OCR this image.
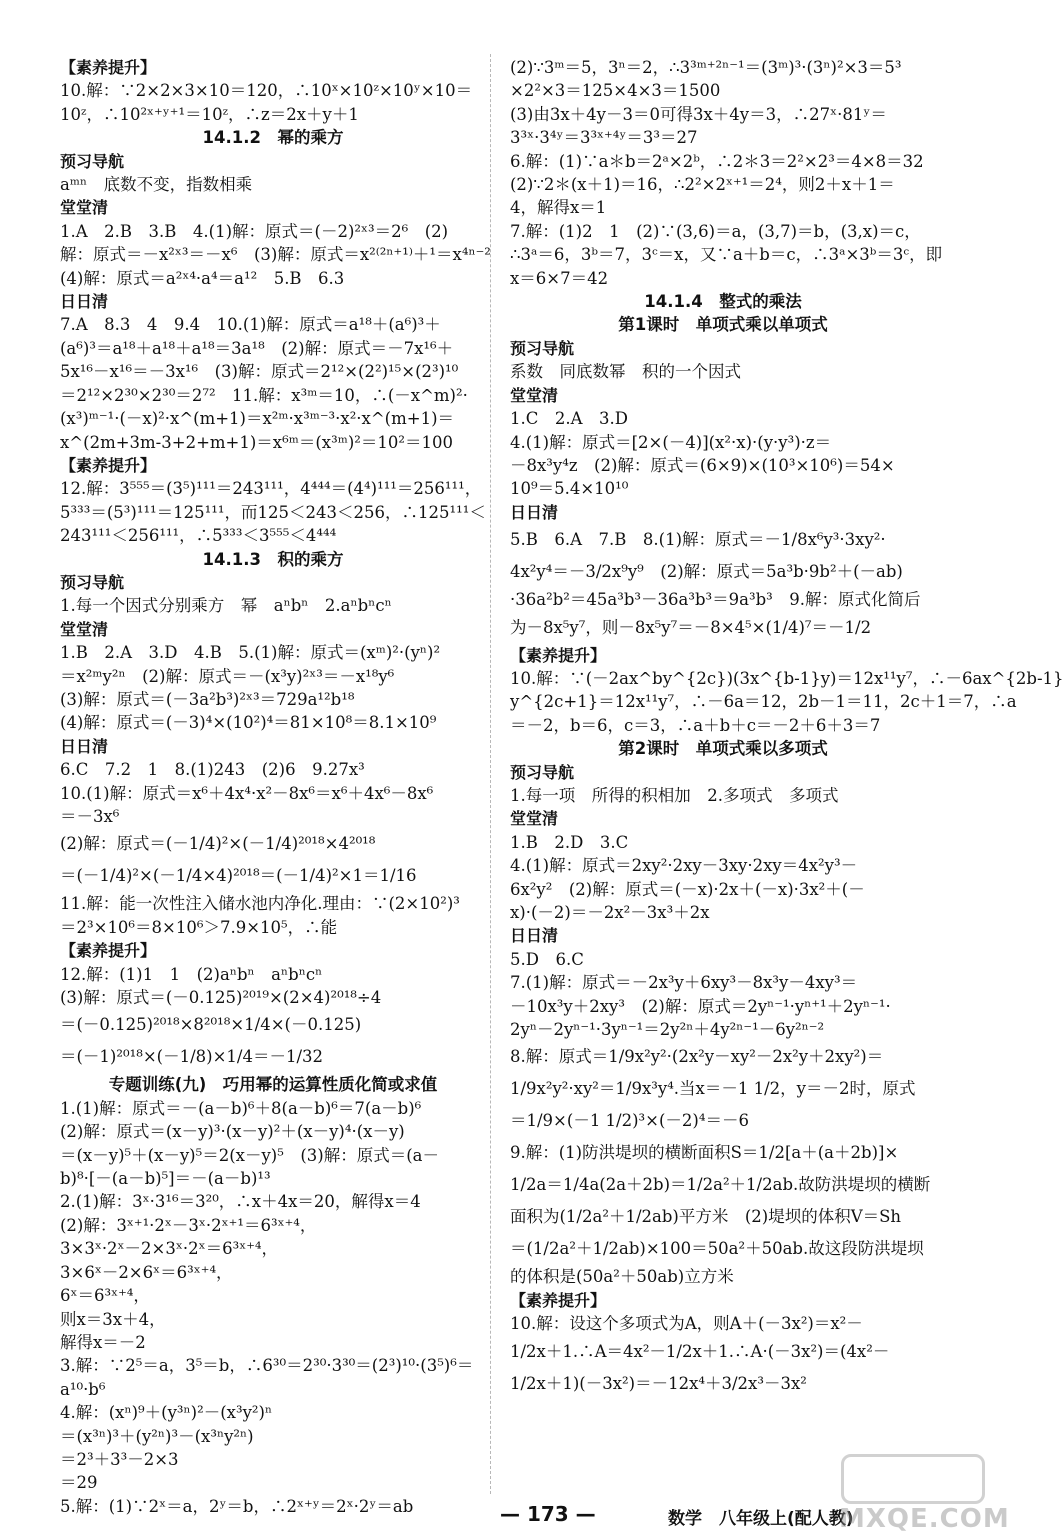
【素养提升】
10.解：∵2×2×3×10＝120，∴10ˣ×10ᶻ×10ʸ×10＝
10ᶻ，∴10²ˣ⁺ʸ⁺¹＝10ᶻ，∴z＝2x＋y＋1
14.1.2　幂的乘方
预习导航
aᵐⁿ　底数不变，指数相乘
堂堂清
1.A　2.B　3.B　4.(1)解：原式＝(－2)²ˣ³＝2⁶　(2)
解：原式＝－x²ˣ³＝－x⁶　(3)解：原式＝x²⁽²ⁿ⁺¹⁾＋¹＝x⁴ⁿ⁻²
(4)解：原式＝a²ˣ⁴·a⁴＝a¹²　5.B　6.3
日日清
7.A　8.3　4　9.4　10.(1)解：原式＝a¹⁸＋(a⁶)³＋
(a⁶)³＝a¹⁸＋a¹⁸＋a¹⁸＝3a¹⁸　(2)解：原式＝－7x¹⁶＋
5x¹⁶－x¹⁶＝－3x¹⁶　(3)解：原式＝2¹²×(2²)¹⁵×(2³)¹⁰
＝2¹²×2³⁰×2³⁰＝2⁷²　11.解：x³ᵐ＝10，∴(－x^m)²·
(x³)ᵐ⁻¹·(－x)²·x^(m+1)＝x²ᵐ·x³ᵐ⁻³·x²·x^(m+1)＝
x^(2m+3m-3+2+m+1)＝x⁶ᵐ＝(x³ᵐ)²＝10²＝100
【素养提升】
12.解：3⁵⁵⁵＝(3⁵)¹¹¹＝243¹¹¹，4⁴⁴⁴＝(4⁴)¹¹¹＝256¹¹¹，
5³³³＝(5³)¹¹¹＝125¹¹¹，而125＜243＜256，∴125¹¹¹＜
243¹¹¹＜256¹¹¹，∴5³³³＜3⁵⁵⁵＜4⁴⁴⁴
14.1.3　积的乘方
预习导航
1.每一个因式分别乘方　幂　aⁿbⁿ　2.aⁿbⁿcⁿ
堂堂清
1.B　2.A　3.D　4.B　5.(1)解：原式＝(xᵐ)²·(yⁿ)²
＝x²ᵐy²ⁿ　(2)解：原式＝－(x³y)²ˣ³＝－x¹⁸y⁶
(3)解：原式＝(－3a²b³)²ˣ³＝729a¹²b¹⁸
(4)解：原式＝(－3)⁴×(10²)⁴＝81×10⁸＝8.1×10⁹
日日清
6.C　7.2　1　8.(1)243　(2)6　9.27x³
10.(1)解：原式＝x⁶＋4x⁴·x²－8x⁶＝x⁶＋4x⁶－8x⁶
＝－3x⁶
(2)解：原式＝(－1/4)²×(－1/4)²⁰¹⁸×4²⁰¹⁸
＝(－1/4)²×(－1/4×4)²⁰¹⁸＝(－1/4)²×1＝1/16
11.解：能一次性注入储水池内净化.理由：∵(2×10²)³
＝2³×10⁶＝8×10⁶＞7.9×10⁵，∴能
【素养提升】
12.解：(1)1　1　(2)aⁿbⁿ　aⁿbⁿcⁿ
(3)解：原式＝(－0.125)²⁰¹⁹×(2×4)²⁰¹⁸÷4
＝(－0.125)²⁰¹⁸×8²⁰¹⁸×1/4×(－0.125)
＝(－1)²⁰¹⁸×(－1/8)×1/4＝－1/32
专题训练(九)　巧用幂的运算性质化简或求值
1.(1)解：原式＝－(a－b)⁶＋8(a－b)⁶＝7(a－b)⁶
(2)解：原式＝(x－y)³·(x－y)²＋(x－y)⁴·(x－y)
＝(x－y)⁵＋(x－y)⁵＝2(x－y)⁵　(3)解：原式＝(a－
b)⁸·[－(a－b)⁵]＝－(a－b)¹³
2.(1)解：3ˣ·3¹⁶＝3²⁰，∴x＋4x＝20，解得x＝4
(2)解：3ˣ⁺¹·2ˣ－3ˣ·2ˣ⁺¹＝6³ˣ⁺⁴，
3×3ˣ·2ˣ－2×3ˣ·2ˣ＝6³ˣ⁺⁴，
3×6ˣ－2×6ˣ＝6³ˣ⁺⁴，
6ˣ＝6³ˣ⁺⁴，
则x＝3x＋4，
解得x＝－2
3.解：∵2⁵＝a，3⁵＝b，∴6³⁰＝2³⁰·3³⁰＝(2³)¹⁰·(3⁵)⁶＝
a¹⁰·b⁶
4.解：(xⁿ)⁹＋(y³ⁿ)²－(x³y²)ⁿ
＝(x³ⁿ)³＋(y²ⁿ)³－(x³ⁿy²ⁿ)
＝2³＋3³－2×3
＝29
5.解：(1)∵2ˣ＝a，2ʸ＝b，∴2ˣ⁺ʸ＝2ˣ·2ʸ＝ab
(2)∵3ᵐ＝5，3ⁿ＝2，∴3³ᵐ⁺²ⁿ⁻¹＝(3ᵐ)³·(3ⁿ)²×3＝5³
×2²×3＝125×4×3＝1500
(3)由3x＋4y－3＝0可得3x＋4y＝3，∴27ˣ·81ʸ＝
3³ˣ·3⁴ʸ＝3³ˣ⁺⁴ʸ＝3³＝27
6.解：(1)∵a＊b＝2ᵃ×2ᵇ，∴2＊3＝2²×2³＝4×8＝32
(2)∵2＊(x＋1)＝16，∴2²×2ˣ⁺¹＝2⁴，则2＋x＋1＝
4，解得x＝1
7.解：(1)2　1　(2)∵(3,6)＝a，(3,7)＝b，(3,x)＝c，
∴3ᵃ＝6，3ᵇ＝7，3ᶜ＝x，又∵a＋b＝c，∴3ᵃ×3ᵇ＝3ᶜ，即
x＝6×7＝42
14.1.4　整式的乘法
第1课时　单项式乘以单项式
预习导航
系数　同底数幂　积的一个因式
堂堂清
1.C　2.A　3.D
4.(1)解：原式＝[2×(－4)](x²·x)·(y·y³)·z＝
－8x³y⁴z　(2)解：原式＝(6×9)×(10³×10⁶)＝54×
10⁹＝5.4×10¹⁰
日日清
5.B　6.A　7.B　8.(1)解：原式＝－1/8x⁶y³·3xy²·
4x²y⁴＝－3/2x⁹y⁹　(2)解：原式＝5a³b·9b²＋(－ab)
·36a²b²＝45a³b³－36a³b³＝9a³b³　9.解：原式化简后
为－8x⁵y⁷，则－8x⁵y⁷＝－8×4⁵×(1/4)⁷＝－1/2
【素养提升】
10.解：∵(－2ax^by^{2c})(3x^{b-1}y)＝12x¹¹y⁷，∴－6ax^{2b-1}
y^{2c+1}＝12x¹¹y⁷，∴－6a＝12，2b－1＝11，2c＋1＝7，∴a
＝－2，b＝6，c＝3，∴a＋b＋c＝－2＋6＋3＝7
第2课时　单项式乘以多项式
预习导航
1.每一项　所得的积相加　2.多项式　多项式
堂堂清
1.B　2.D　3.C
4.(1)解：原式＝2xy²·2xy－3xy·2xy＝4x²y³－
6x²y²　(2)解：原式＝(－x)·2x＋(－x)·3x²＋(－
x)·(－2)＝－2x²－3x³＋2x
日日清
5.D　6.C
7.(1)解：原式＝－2x³y＋6xy³－8x³y－4xy³＝
－10x³y＋2xy³　(2)解：原式＝2yⁿ⁻¹·yⁿ⁺¹＋2yⁿ⁻¹·
2yⁿ－2yⁿ⁻¹·3yⁿ⁻¹＝2y²ⁿ＋4y²ⁿ⁻¹－6y²ⁿ⁻²
8.解：原式＝1/9x²y²·(2x²y－xy²－2x²y＋2xy²)＝
1/9x²y²·xy²＝1/9x³y⁴.当x＝－1 1/2，y＝－2时，原式
＝1/9×(－1 1/2)³×(－2)⁴＝－6
9.解：(1)防洪堤坝的横断面积S＝1/2[a＋(a＋2b)]×
1/2a＝1/4a(2a＋2b)＝1/2a²＋1/2ab.故防洪堤坝的横断
面积为(1/2a²＋1/2ab)平方米　(2)堤坝的体积V＝Sh
＝(1/2a²＋1/2ab)×100＝50a²＋50ab.故这段防洪堤坝
的体积是(50a²＋50ab)立方米
【素养提升】
10.解：设这个多项式为A，则A＋(－3x²)＝x²－
1/2x＋1.∴A＝4x²－1/2x＋1.∴A·(－3x²)＝(4x²－
1/2x＋1)(－3x²)＝－12x⁴＋3/2x³－3x²
— 173 —	数学　八年级上(配人教)
MXQE.COM
